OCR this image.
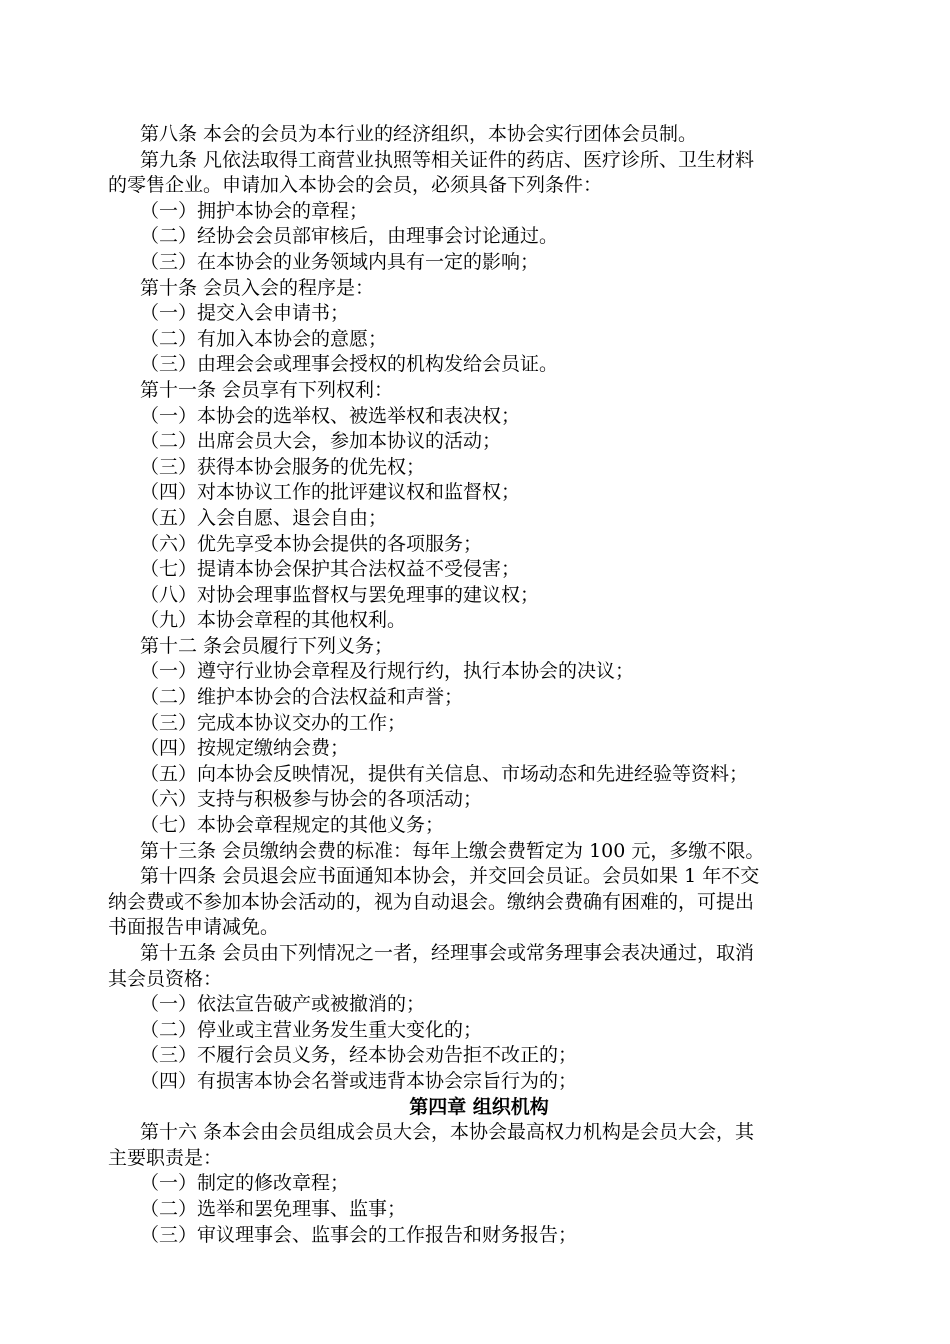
第八条 本会的会员为本行业的经济组织，本协会实行团体会员制。
第九条 凡依法取得工商营业执照等相关证件的药店、医疗诊所、卫生材料
的零售企业。申请加入本协会的会员，必须具备下列条件：
（一）拥护本协会的章程；
（二）经协会会员部审核后，由理事会讨论通过。
（三）在本协会的业务领域内具有一定的影响；
第十条 会员入会的程序是：
（一）提交入会申请书；
（二）有加入本协会的意愿；
（三）由理会会或理事会授权的机构发给会员证。
第十一条 会员享有下列权利：
（一）本协会的选举权、被选举权和表决权；
（二）出席会员大会，参加本协议的活动；
（三）获得本协会服务的优先权；
（四）对本协议工作的批评建议权和监督权；
（五）入会自愿、退会自由；
（六）优先享受本协会提供的各项服务；
（七）提请本协会保护其合法权益不受侵害；
（八）对协会理事监督权与罢免理事的建议权；
（九）本协会章程的其他权利。
第十二 条会员履行下列义务；
（一）遵守行业协会章程及行规行约，执行本协会的决议；
（二）维护本协会的合法权益和声誉；
（三）完成本协议交办的工作；
（四）按规定缴纳会费；
（五）向本协会反映情况，提供有关信息、市场动态和先进经验等资料；
（六）支持与积极参与协会的各项活动；
（七）本协会章程规定的其他义务；
第十三条 会员缴纳会费的标准：每年上缴会费暂定为 100 元，多缴不限。
第十四条 会员退会应书面通知本协会，并交回会员证。会员如果 1 年不交
纳会费或不参加本协会活动的，视为自动退会。缴纳会费确有困难的，可提出
书面报告申请减免。
第十五条 会员由下列情况之一者，经理事会或常务理事会表决通过，取消
其会员资格：
（一）依法宣告破产或被撤消的；
（二）停业或主营业务发生重大变化的；
（三）不履行会员义务，经本协会劝告拒不改正的；
（四）有损害本协会名誉或违背本协会宗旨行为的；
第四章 组织机构
第十六 条本会由会员组成会员大会，本协会最高权力机构是会员大会，其
主要职责是：
（一）制定的修改章程；
（二）选举和罢免理事、监事；
（三）审议理事会、监事会的工作报告和财务报告；
